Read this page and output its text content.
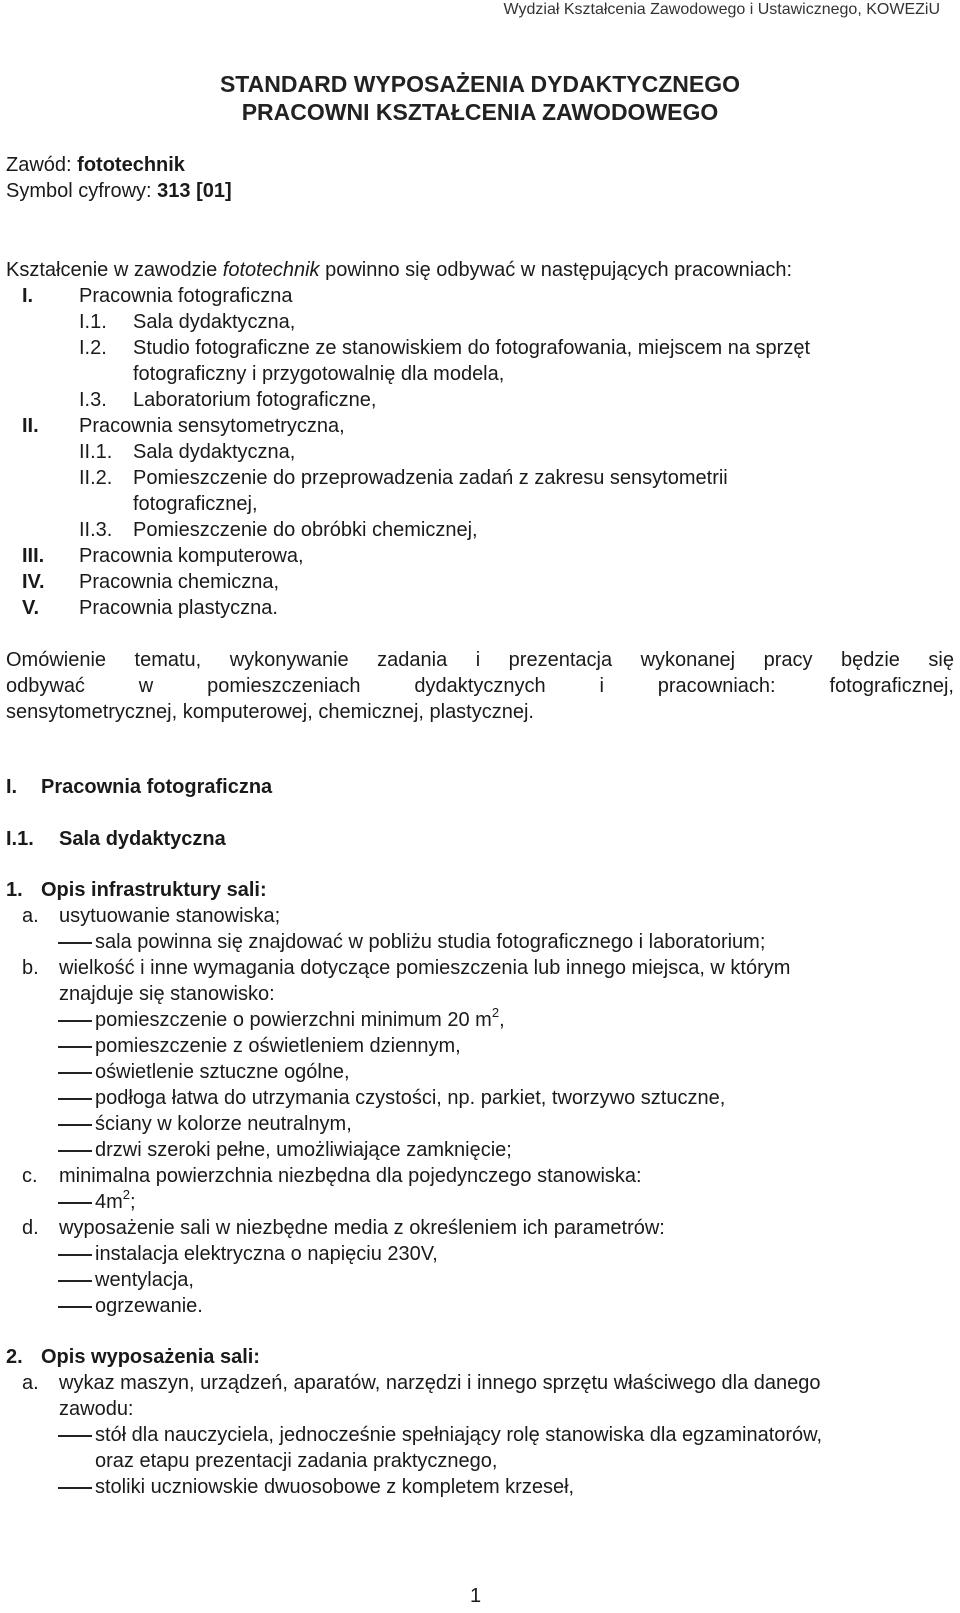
Wydział Kształcenia Zawodowego i Ustawicznego, KOWEZiU
STANDARD WYPOSAŻENIA DYDAKTYCZNEGO
PRACOWNI KSZTAŁCENIA ZAWODOWEGO
Zawód: fototechnik
Symbol cyfrowy: 313 [01]
Kształcenie w zawodzie fototechnik powinno się odbywać w następujących pracowniach:
I. Pracownia fotograficzna
I.1. Sala dydaktyczna,
I.2. Studio fotograficzne ze stanowiskiem do fotografowania, miejscem na sprzęt
fotograficzny i przygotowalnię dla modela,
I.3. Laboratorium fotograficzne,
II. Pracownia sensytometryczna,
II.1. Sala dydaktyczna,
II.2. Pomieszczenie do przeprowadzenia zadań z zakresu sensytometrii
fotograficznej,
II.3. Pomieszczenie do obróbki chemicznej,
III. Pracownia komputerowa,
IV. Pracownia chemiczna,
V. Pracownia plastyczna.
Omówienie tematu, wykonywanie zadania i prezentacja wykonanej pracy będzie się
odbywać w pomieszczeniach dydaktycznych i pracowniach: fotograficznej,
sensytometrycznej, komputerowej, chemicznej, plastycznej.
I. Pracownia fotograficzna
I.1. Sala dydaktyczna
1. Opis infrastruktury sali:
a. usytuowanie stanowiska;
sala powinna się znajdować w pobliżu studia fotograficznego i laboratorium;
b. wielkość i inne wymagania dotyczące pomieszczenia lub innego miejsca, w którym
znajduje się stanowisko:
pomieszczenie o powierzchni minimum 20 $m^2$,
pomieszczenie z oświetleniem dziennym,
oświetlenie sztuczne ogólne,
podłoga łatwa do utrzymania czystości, np. parkiet, tworzywo sztuczne,
ściany w kolorze neutralnym,
drzwi szeroki pełne, umożliwiające zamknięcie;
c. minimalna powierzchnia niezbędna dla pojedynczego stanowiska:
$4m^2$;
d. wyposażenie sali w niezbędne media z określeniem ich parametrów:
instalacja elektryczna o napięciu 230V,
wentylacja,
ogrzewanie.
2. Opis wyposażenia sali:
a. wykaz maszyn, urządzeń, aparatów, narzędzi i innego sprzętu właściwego dla danego
zawodu:
stół dla nauczyciela, jednocześnie spełniający rolę stanowiska dla egzaminatorów,
oraz etapu prezentacji zadania praktycznego,
stoliki uczniowskie dwuosobowe z kompletem krzeseł,
1
